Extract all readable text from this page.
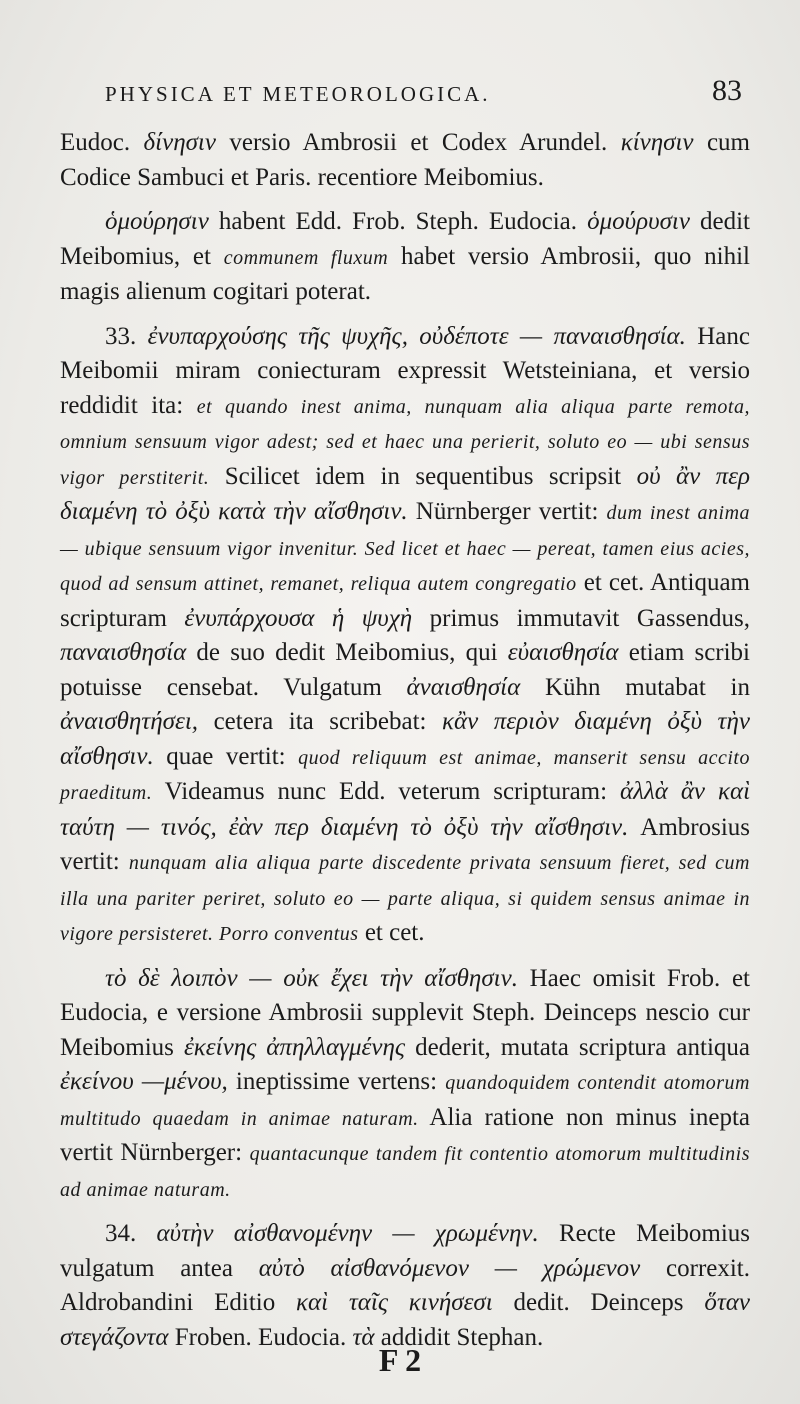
PHYSICA ET METEOROLOGICA.	83

Eudoc. δίνησιν versio Ambrosii et Codex Arundel. κίνησιν cum Codice Sambuci et Paris. recentiore Meibomius.

ὁμούρησιν habent Edd. Frob. Steph. Eudocia. ὁμούρυσιν dedit Meibomius, et communem fluxum habet versio Ambrosii, quo nihil magis alienum cogitari poterat.

33. ἐνυπαρχούσης τῆς ψυχῆς, οὐδέποτε — παναισθησία. Hanc Meibomii miram coniecturam expressit Wetsteiniana, et versio reddidit ita: et quando inest anima, nunquam alia aliqua parte remota, omnium sensuum vigor adest; sed et haec una perierit, soluto eo — ubi sensus vigor perstiterit. Scilicet idem in sequentibus scripsit οὐ ἂν περ διαμένη τὸ ὀξὺ κατὰ τὴν αἴσθησιν. Nürnberger vertit: dum inest anima — ubique sensuum vigor invenitur. Sed licet et haec — pereat, tamen eius acies, quod ad sensum attinet, remanet, reliqua autem congregatio et cet. Antiquam scripturam ἐνυπάρχουσα ἡ ψυχὴ primus immutavit Gassendus, παναισθησία de suo dedit Meibomius, qui εὐαισθησία etiam scribi potuisse censebat. Vulgatum ἀναισθησία Kühn mutabat in ἀναισθητήσει, cetera ita scribebat: κἂν περιὸν διαμένη ὀξὺ τὴν αἴσθησιν. quae vertit: quod reliquum est animae, manserit sensu accito praeditum. Videamus nunc Edd. veterum scripturam: ἀλλὰ ἂν καὶ ταύτη — τινός, ἐὰν περ διαμένη τὸ ὀξὺ τὴν αἴσθησιν. Ambrosius vertit: nunquam alia aliqua parte discedente privata sensuum fieret, sed cum illa una pariter periret, soluto eo — parte aliqua, si quidem sensus animae in vigore persisteret. Porro conventus et cet.

τὸ δὲ λοιπὸν — οὐκ ἔχει τὴν αἴσθησιν. Haec omisit Frob. et Eudocia, e versione Ambrosii supplevit Steph. Deinceps nescio cur Meibomius ἐκείνης ἀπηλλαγμένης dederit, mutata scriptura antiqua ἐκείνου —μένου, ineptissime vertens: quandoquidem contendit atomorum multitudo quaedam in animae naturam. Alia ratione non minus inepta vertit Nürnberger: quantacunque tandem fit contentio atomorum multitudinis ad animae naturam.

34. αὐτὴν αἰσθανομένην — χρωμένην. Recte Meibomius vulgatum antea αὐτὸ αἰσθανόμενον — χρώμενον correxit. Aldrobandini Editio καὶ ταῖς κινήσεσι dedit. Deinceps ὅταν στεγάζοντα Froben. Eudocia. τὰ addidit Stephan.

F 2
